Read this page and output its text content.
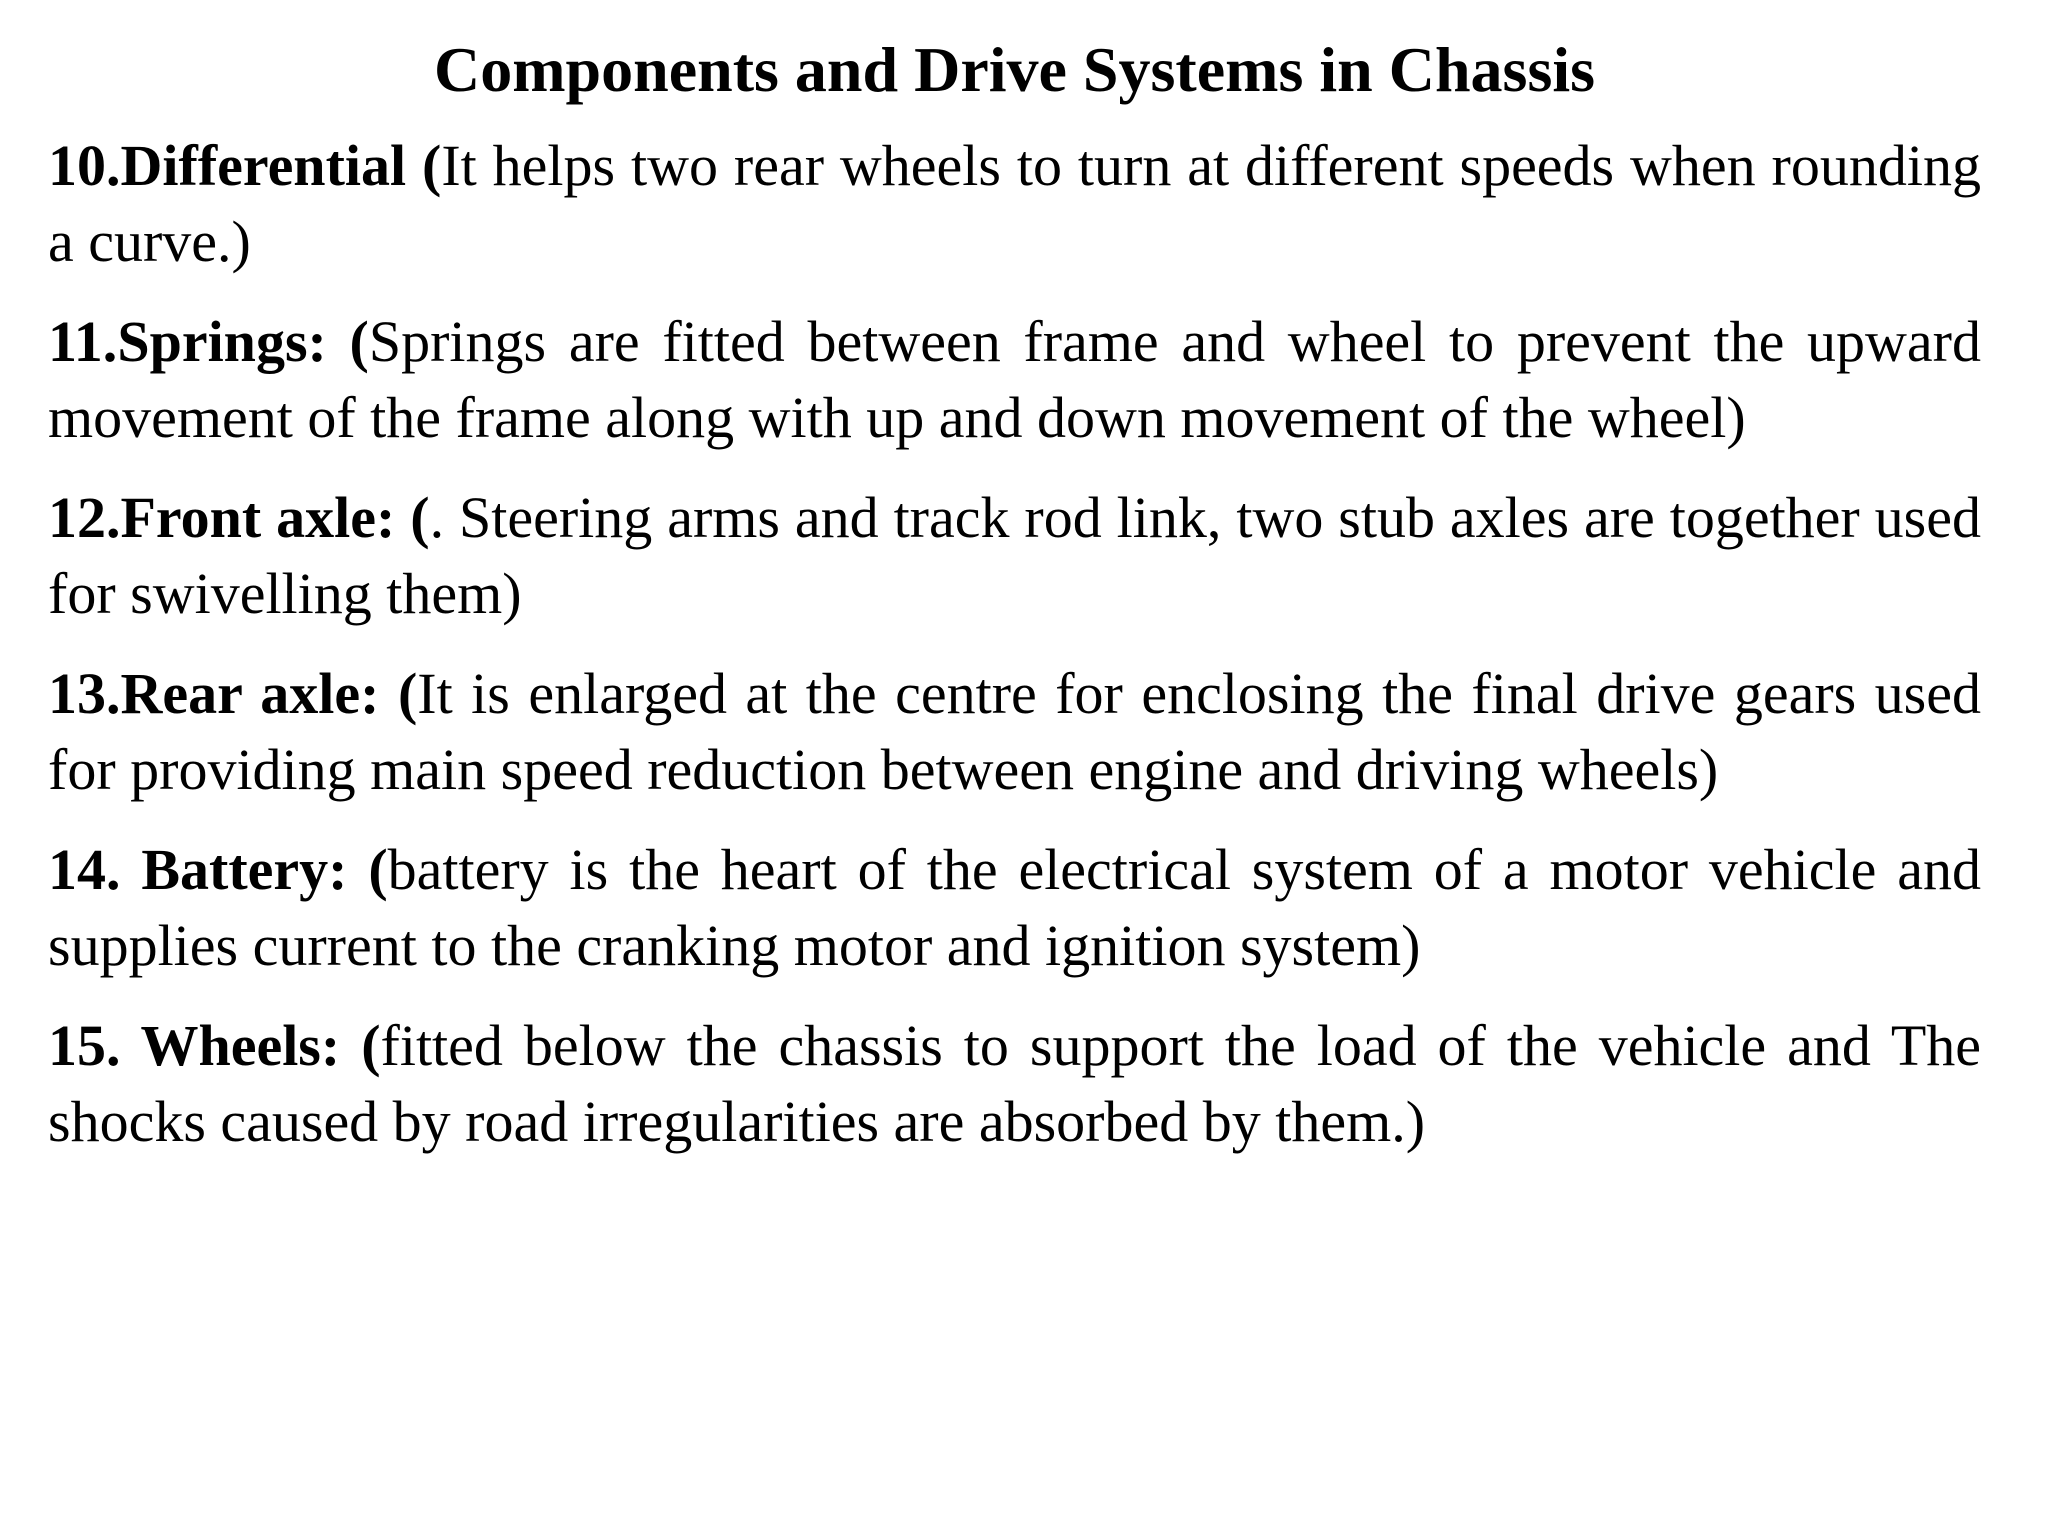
Components and Drive Systems in Chassis
10.Differential (It helps two rear wheels to turn at different speeds when rounding a curve.)
11.Springs: (Springs are fitted between frame and wheel to prevent the upward movement of the frame along with up and down movement of the wheel)
12.Front axle: (. Steering arms and track rod link, two stub axles are together used for swivelling them)
13.Rear axle: (It is enlarged at the centre for enclosing the final drive gears used for providing main speed reduction between engine and driving wheels)
14. Battery: (battery is the heart of the electrical system of a motor vehicle and supplies current to the cranking motor and ignition system)
15. Wheels: (fitted below the chassis to support the load of the vehicle and The shocks caused by road irregularities are absorbed by them.)
